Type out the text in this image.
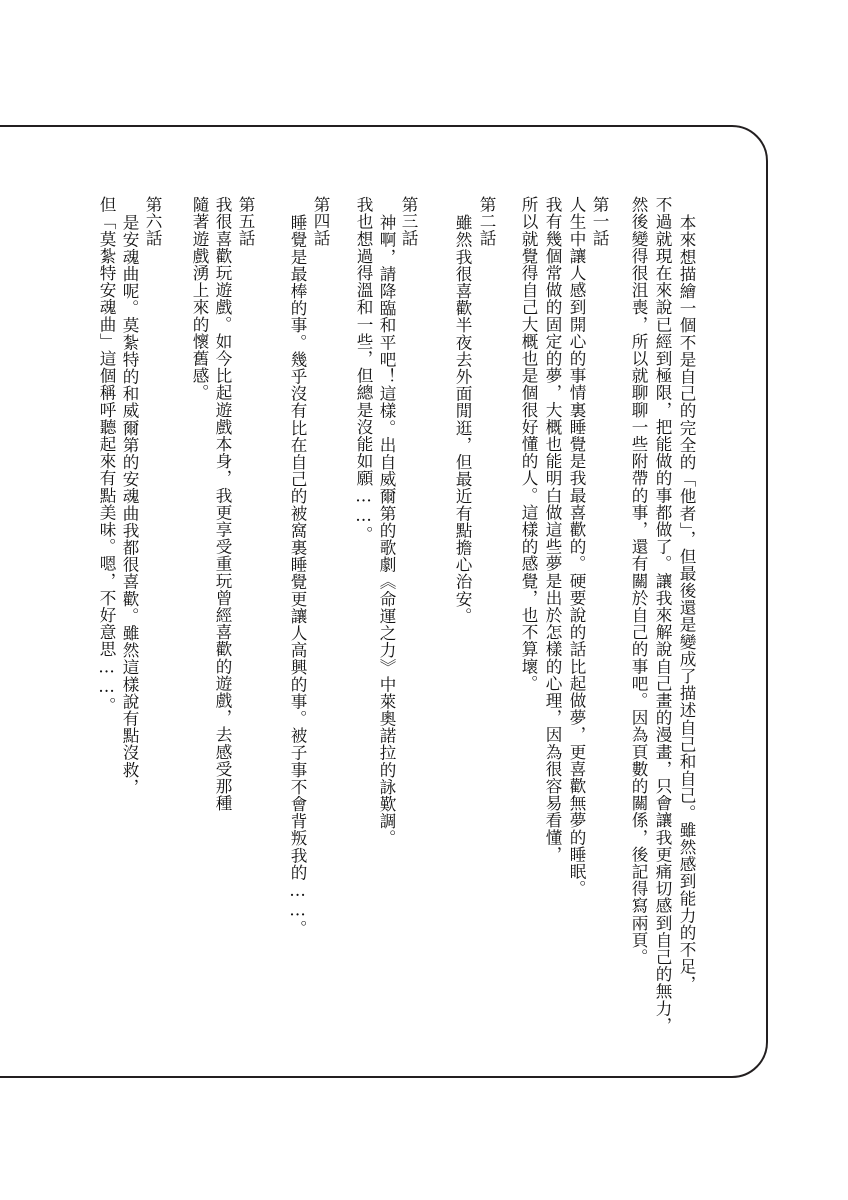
本來想描繪一個不是自己的完全的「他者」，但最後還是變成了描述自己和自己。雖然感到能力的不足，
不過就現在來說已經到極限，把能做的事都做了。讓我來解說自己畫的漫畫，只會讓我更痛切感到自己的無力，
然後變得很沮喪，所以就聊聊一些附帶的事，還有關於自己的事吧。因為頁數的關係，後記得寫兩頁。
第一話
人生中讓人感到開心的事情裏睡覺是我最喜歡的。硬要說的話比起做夢，更喜歡無夢的睡眠。
我有幾個常做的固定的夢，大概也能明白做這些夢是出於怎樣的心理，因為很容易看懂，
所以就覺得自己大概也是個很好懂的人。這樣的感覺，也不算壞。
第二話
雖然我很喜歡半夜去外面閒逛，但最近有點擔心治安。
第三話
神啊，請降臨和平吧！這樣。出自威爾第的歌劇《命運之力》中萊奧諾拉的詠歎調。
我也想過得溫和一些，但總是沒能如願……。
第四話
睡覺是最棒的事。幾乎沒有比在自己的被窩裏睡覺更讓人高興的事。被子事不會背叛我的……。
第五話
我很喜歡玩遊戲。如今比起遊戲本身，我更享受重玩曾經喜歡的遊戲，去感受那種
隨著遊戲湧上來的懷舊感。
第六話
是安魂曲呢。莫紮特的和威爾第的安魂曲我都很喜歡。雖然這樣說有點沒救，
但「莫紮特安魂曲」這個稱呼聽起來有點美味。嗯，不好意思……。
